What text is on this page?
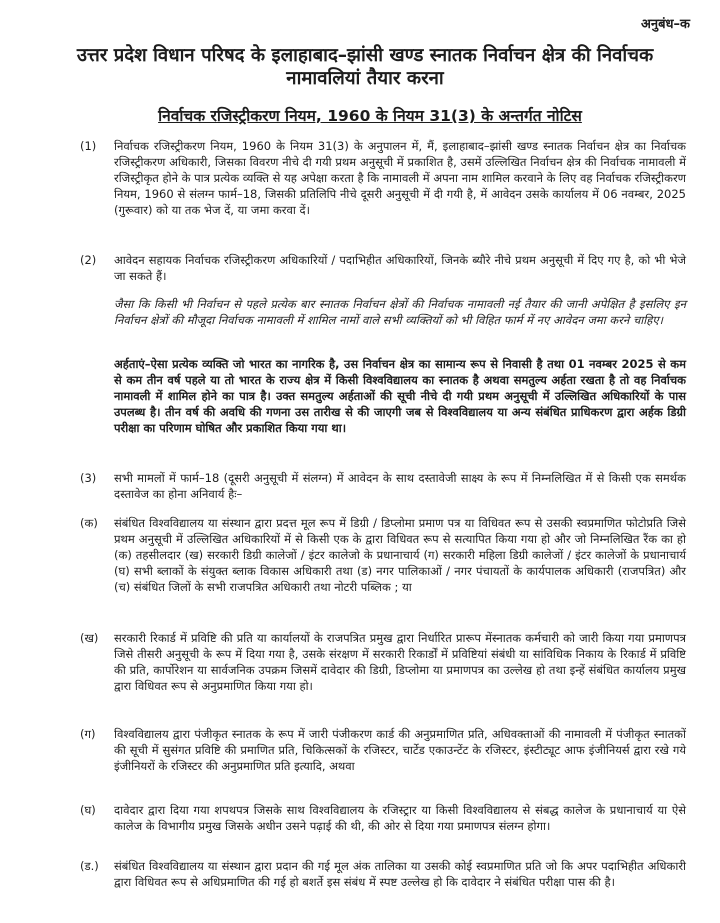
अनुबंध–क
उत्तर प्रदेश विधान परिषद के इलाहाबाद–झांसी खण्ड स्नातक निर्वाचन क्षेत्र की निर्वाचक नामावलियां तैयार करना
निर्वाचक रजिस्ट्रीकरण नियम, 1960 के नियम 31(3) के अन्तर्गत नोटिस
(1) निर्वाचक रजिस्ट्रीकरण नियम, 1960 के नियम 31(3) के अनुपालन में, मैं, इलाहाबाद–झांसी खण्ड स्नातक निर्वाचन क्षेत्र का निर्वाचक रजिस्ट्रीकरण अधिकारी, जिसका विवरण नीचे दी गयी प्रथम अनुसूची में प्रकाशित है, उसमें उल्लिखित निर्वाचन क्षेत्र की निर्वाचक नामावली में रजिस्ट्रीकृत होने के पात्र प्रत्येक व्यक्ति से यह अपेक्षा करता है कि नामावली में अपना नाम शामिल करवाने के लिए वह निर्वाचक रजिस्ट्रीकरण नियम, 1960 से संलग्न फार्म–18, जिसकी प्रतिलिपि नीचे दूसरी अनुसूची में दी गयी है, में आवेदन उसके कार्यालय में 06 नवम्बर, 2025 (गुरूवार) को या तक भेज दें, या जमा करवा दें।
(2) आवेदन सहायक निर्वाचक रजिस्ट्रीकरण अधिकारियों / पदाभिहीत अधिकारियों, जिनके ब्यौरे नीचे प्रथम अनुसूची में दिए गए है, को भी भेजे जा सकते हैं।
जैसा कि किसी भी निर्वाचन से पहले प्रत्येक बार स्नातक निर्वाचन क्षेत्रों की निर्वाचक नामावली नई तैयार की जानी अपेक्षित है इसलिए इन निर्वाचन क्षेत्रों की मौजूदा निर्वाचक नामावली में शामिल नामों वाले सभी व्यक्तियों को भी विहित फार्म में नए आवेदन जमा करने चाहिए।
अर्हताएं–ऐसा प्रत्येक व्यक्ति जो भारत का नागरिक है, उस निर्वाचन क्षेत्र का सामान्य रूप से निवासी है तथा 01 नवम्बर 2025 से कम से कम तीन वर्ष पहले या तो भारत के राज्य क्षेत्र में किसी विश्वविद्यालय का स्नातक है अथवा समतुल्य अर्हता रखता है तो वह निर्वाचक नामावली में शामिल होने का पात्र है। उक्त समतुल्य अर्हताओं की सूची नीचे दी गयी प्रथम अनुसूची में उल्लिखित अधिकारियों के पास उपलब्ध है। तीन वर्ष की अवधि की गणना उस तारीख से की जाएगी जब से विश्वविद्यालय या अन्य संबंधित प्राधिकरण द्वारा अर्हक डिग्री परीक्षा का परिणाम घोषित और प्रकाशित किया गया था।
(3) सभी मामलों में फार्म–18 (दूसरी अनुसूची में संलग्न) में आवेदन के साथ दस्तावेजी साक्ष्य के रूप में निम्नलिखित में से किसी एक समर्थक दस्तावेज का होना अनिवार्य हैः–
(क) संबंधित विश्वविद्यालय या संस्थान द्वारा प्रदत्त मूल रूप में डिग्री / डिप्लोमा प्रमाण पत्र या विधिवत रूप से उसकी स्वप्रमाणित फोटोप्रति जिसे प्रथम अनुसूची में उल्लिखित अधिकारियों में से किसी एक के द्वारा विधिवत रूप से सत्यापित किया गया हो और जो निम्नलिखित रैंक का हो (क) तहसीलदार (ख) सरकारी डिग्री कालेजों / इंटर कालेजो के प्रधानाचार्य (ग) सरकारी महिला डिग्री कालेजों / इंटर कालेजों के प्रधानाचार्य (घ) सभी ब्लाकों के संयुक्त ब्लाक विकास अधिकारी तथा (ड) नगर पालिकाओं / नगर पंचायतों के कार्यपालक अधिकारी (राजपत्रित) और (च) संबंधित जिलों के सभी राजपत्रित अधिकारी तथा नोटरी पब्लिक ; या
(ख) सरकारी रिकार्ड में प्रविष्टि की प्रति या कार्यालयों के राजपत्रित प्रमुख द्वारा निर्धारित प्रारूप मेंस्नातक कर्मचारी को जारी किया गया प्रमाणपत्र जिसे तीसरी अनुसूची के रूप में दिया गया है, उसके संरक्षण में सरकारी रिकार्डों में प्रविष्टियां संबंधी या सांविधिक निकाय के रिकार्ड में प्रविष्टि की प्रति, कार्पोरेशन या सार्वजनिक उपक्रम जिसमें दावेदार की डिग्री, डिप्लोमा या प्रमाणपत्र का उल्लेख हो तथा इन्हें संबंधित कार्यालय प्रमुख द्वारा विधिवत रूप से अनुप्रमाणित किया गया हो।
(ग) विश्वविद्यालय द्वारा पंजीकृत स्नातक के रूप में जारी पंजीकरण कार्ड की अनुप्रमाणित प्रति, अधिवक्ताओं की नामावली में पंजीकृत स्नातकों की सूची में सुसंगत प्रविष्टि की प्रमाणित प्रति, चिकित्सकों के रजिस्टर, चार्टेड एकाउन्टेंट के रजिस्टर, इंस्टीट्यूट आफ इंजीनियर्स द्वारा रखे गये इंजीनियरों के रजिस्टर की अनुप्रमाणित प्रति इत्यादि, अथवा
(घ) दावेदार द्वारा दिया गया शपथपत्र जिसके साथ विश्वविद्यालय के रजिस्ट्रार या किसी विश्वविद्यालय से संबद्ध कालेज के प्रधानाचार्य या ऐसे कालेज के विभागीय प्रमुख जिसके अधीन उसने पढ़ाई की थी, की ओर से दिया गया प्रमाणपत्र संलग्न होगा।
(ड.) संबंधित विश्वविद्यालय या संस्थान द्वारा प्रदान की गई मूल अंक तालिका या उसकी कोई स्वप्रमाणित प्रति जो कि अपर पदाभिहीत अधिकारी द्वारा विधिवत रूप से अधिप्रमाणित की गई हो बशर्ते इस संबंध में स्पष्ट उल्लेख हो कि दावेदार ने संबंधित परीक्षा पास की है।
